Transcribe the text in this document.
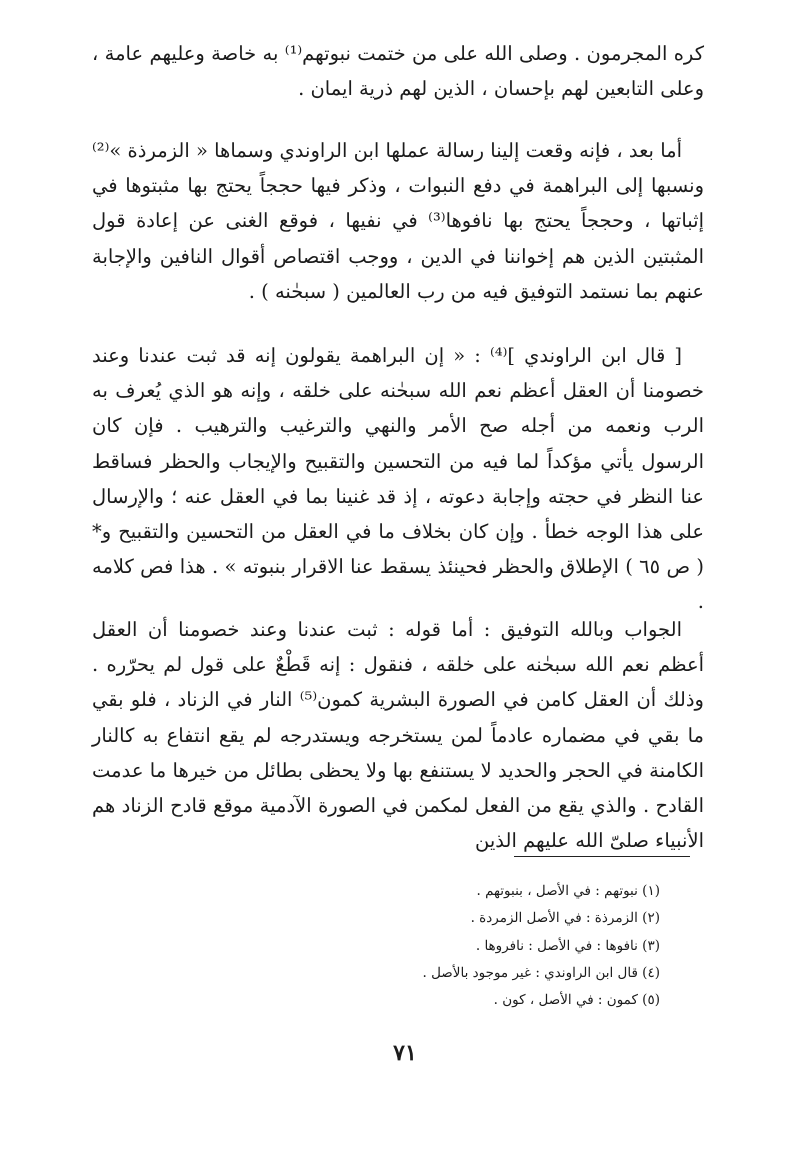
كره المجرمون . وصلى الله على من ختمت نبوتهم⁽¹⁾ به خاصة وعليهم عامة ، وعلى التابعين لهم بإحسان ، الذين لهم ذرية ايمان .

أما بعد ، فإنه وقعت إلينا رسالة عملها ابن الراوندي وسماها « الزمرذة »⁽²⁾ ونسبها إلى البراهمة في دفع النبوات ، وذكر فيها حججاً يحتج بها مثبتوها في إثباتها ، وحججاً يحتج بها نافوها⁽³⁾ في نفيها ، فوقع الغنى عن إعادة قول المثبتين الذين هم إخواننا في الدين ، ووجب اقتصاص أقوال النافين والإجابة عنهم بما نستمد التوفيق فيه من رب العالمين ( سبحٰنه ) .

[ قال ابن الراوندي ]⁽⁴⁾ : « إن البراهمة يقولون إنه قد ثبت عندنا وعند خصومنا أن العقل أعظم نعم الله سبحٰنه على خلقه ، وإنه هو الذي يُعرف به الرب ونعمه من أجله صح الأمر والنهي والترغيب والترهيب . فإن كان الرسول يأتي مؤكداً لما فيه من التحسين والتقبيح والإيجاب والحظر فساقط عنا النظر في حجته وإجابة دعوته ، إذ قد غنينا بما في العقل عنه ؛ والإرسال على هذا الوجه خطأ . وإن كان بخلاف ما في العقل من التحسين والتقبيح و* ( ص ٦٥ ) الإطلاق والحظر فحينئذ يسقط عنا الاقرار بنبوته » . هذا فص كلامه .

الجواب وبالله التوفيق : أما قوله : ثبت عندنا وعند خصومنا أن العقل أعظم نعم الله سبحٰنه على خلقه ، فنقول : إنه قَطْعٌ على قول لم يحرّره . وذلك أن العقل كامن في الصورة البشرية كمون⁽⁵⁾ النار في الزناد ، فلو بقي ما بقي في مضماره عادماً لمن يستخرجه ويستدرجه لم يقع انتفاع به كالنار الكامنة في الحجر والحديد لا يستنفع بها ولا يحظى بطائل من خيرها ما عدمت القادح . والذي يقع من الفعل لمكمن في الصورة الآدمية موقع قادح الزناد هم الأنبياء صلىّ الله عليهم الذين

(١) نبوتهم : في الأصل ، بنبوتهم .
(٢) الزمرذة : في الأصل الزمردة .
(٣) نافوها : في الأصل : نافروها .
(٤) قال ابن الراوندي : غير موجود بالأصل .
(٥) كمون : في الأصل ، كون .
٧١
